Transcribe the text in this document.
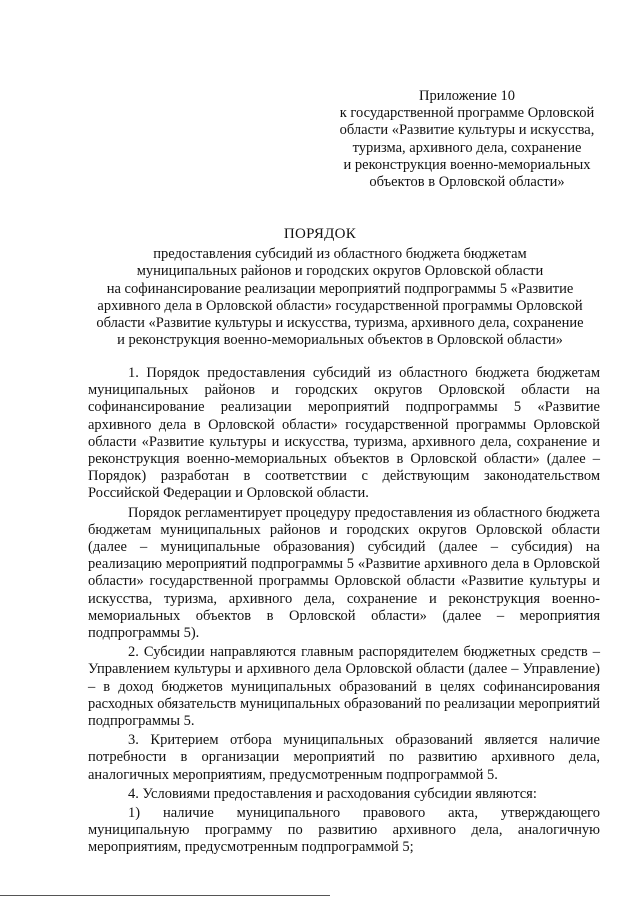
Приложение 10
к государственной программе Орловской
области «Развитие культуры и искусства,
туризма, архивного дела, сохранение
и реконструкция военно-мемориальных
объектов в Орловской области»
ПОРЯДОК
предоставления субсидий из областного бюджета бюджетам
муниципальных районов и городских округов Орловской области
на софинансирование реализации мероприятий подпрограммы 5 «Развитие
архивного дела в Орловской области» государственной программы Орловской
области «Развитие культуры и искусства, туризма, архивного дела, сохранение
и реконструкция военно-мемориальных объектов в Орловской области»

1. Порядок предоставления субсидий из областного бюджета бюджетам муниципальных районов и городских округов Орловской области на софинансирование реализации мероприятий подпрограммы 5 «Развитие архивного дела в Орловской области» государственной программы Орловской области «Развитие культуры и искусства, туризма, архивного дела, сохранение и реконструкция военно-мемориальных объектов в Орловской области» (далее – Порядок) разработан в соответствии с действующим законодательством Российской Федерации и Орловской области.

Порядок регламентирует процедуру предоставления из областного бюджета бюджетам муниципальных районов и городских округов Орловской области (далее – муниципальные образования) субсидий (далее – субсидия) на реализацию мероприятий подпрограммы 5 «Развитие архивного дела в Орловской области» государственной программы Орловской области «Развитие культуры и искусства, туризма, архивного дела, сохранение и реконструкция военно-мемориальных объектов в Орловской области» (далее – мероприятия подпрограммы 5).

2. Субсидии направляются главным распорядителем бюджетных средств – Управлением культуры и архивного дела Орловской области (далее – Управление) – в доход бюджетов муниципальных образований в целях софинансирования расходных обязательств муниципальных образований по реализации мероприятий подпрограммы 5.

3. Критерием отбора муниципальных образований является наличие потребности в организации мероприятий по развитию архивного дела, аналогичных мероприятиям, предусмотренным подпрограммой 5.

4. Условиями предоставления и расходования субсидии являются:

1) наличие муниципального правового акта, утверждающего муниципальную программу по развитию архивного дела, аналогичную мероприятиям, предусмотренным подпрограммой 5;
